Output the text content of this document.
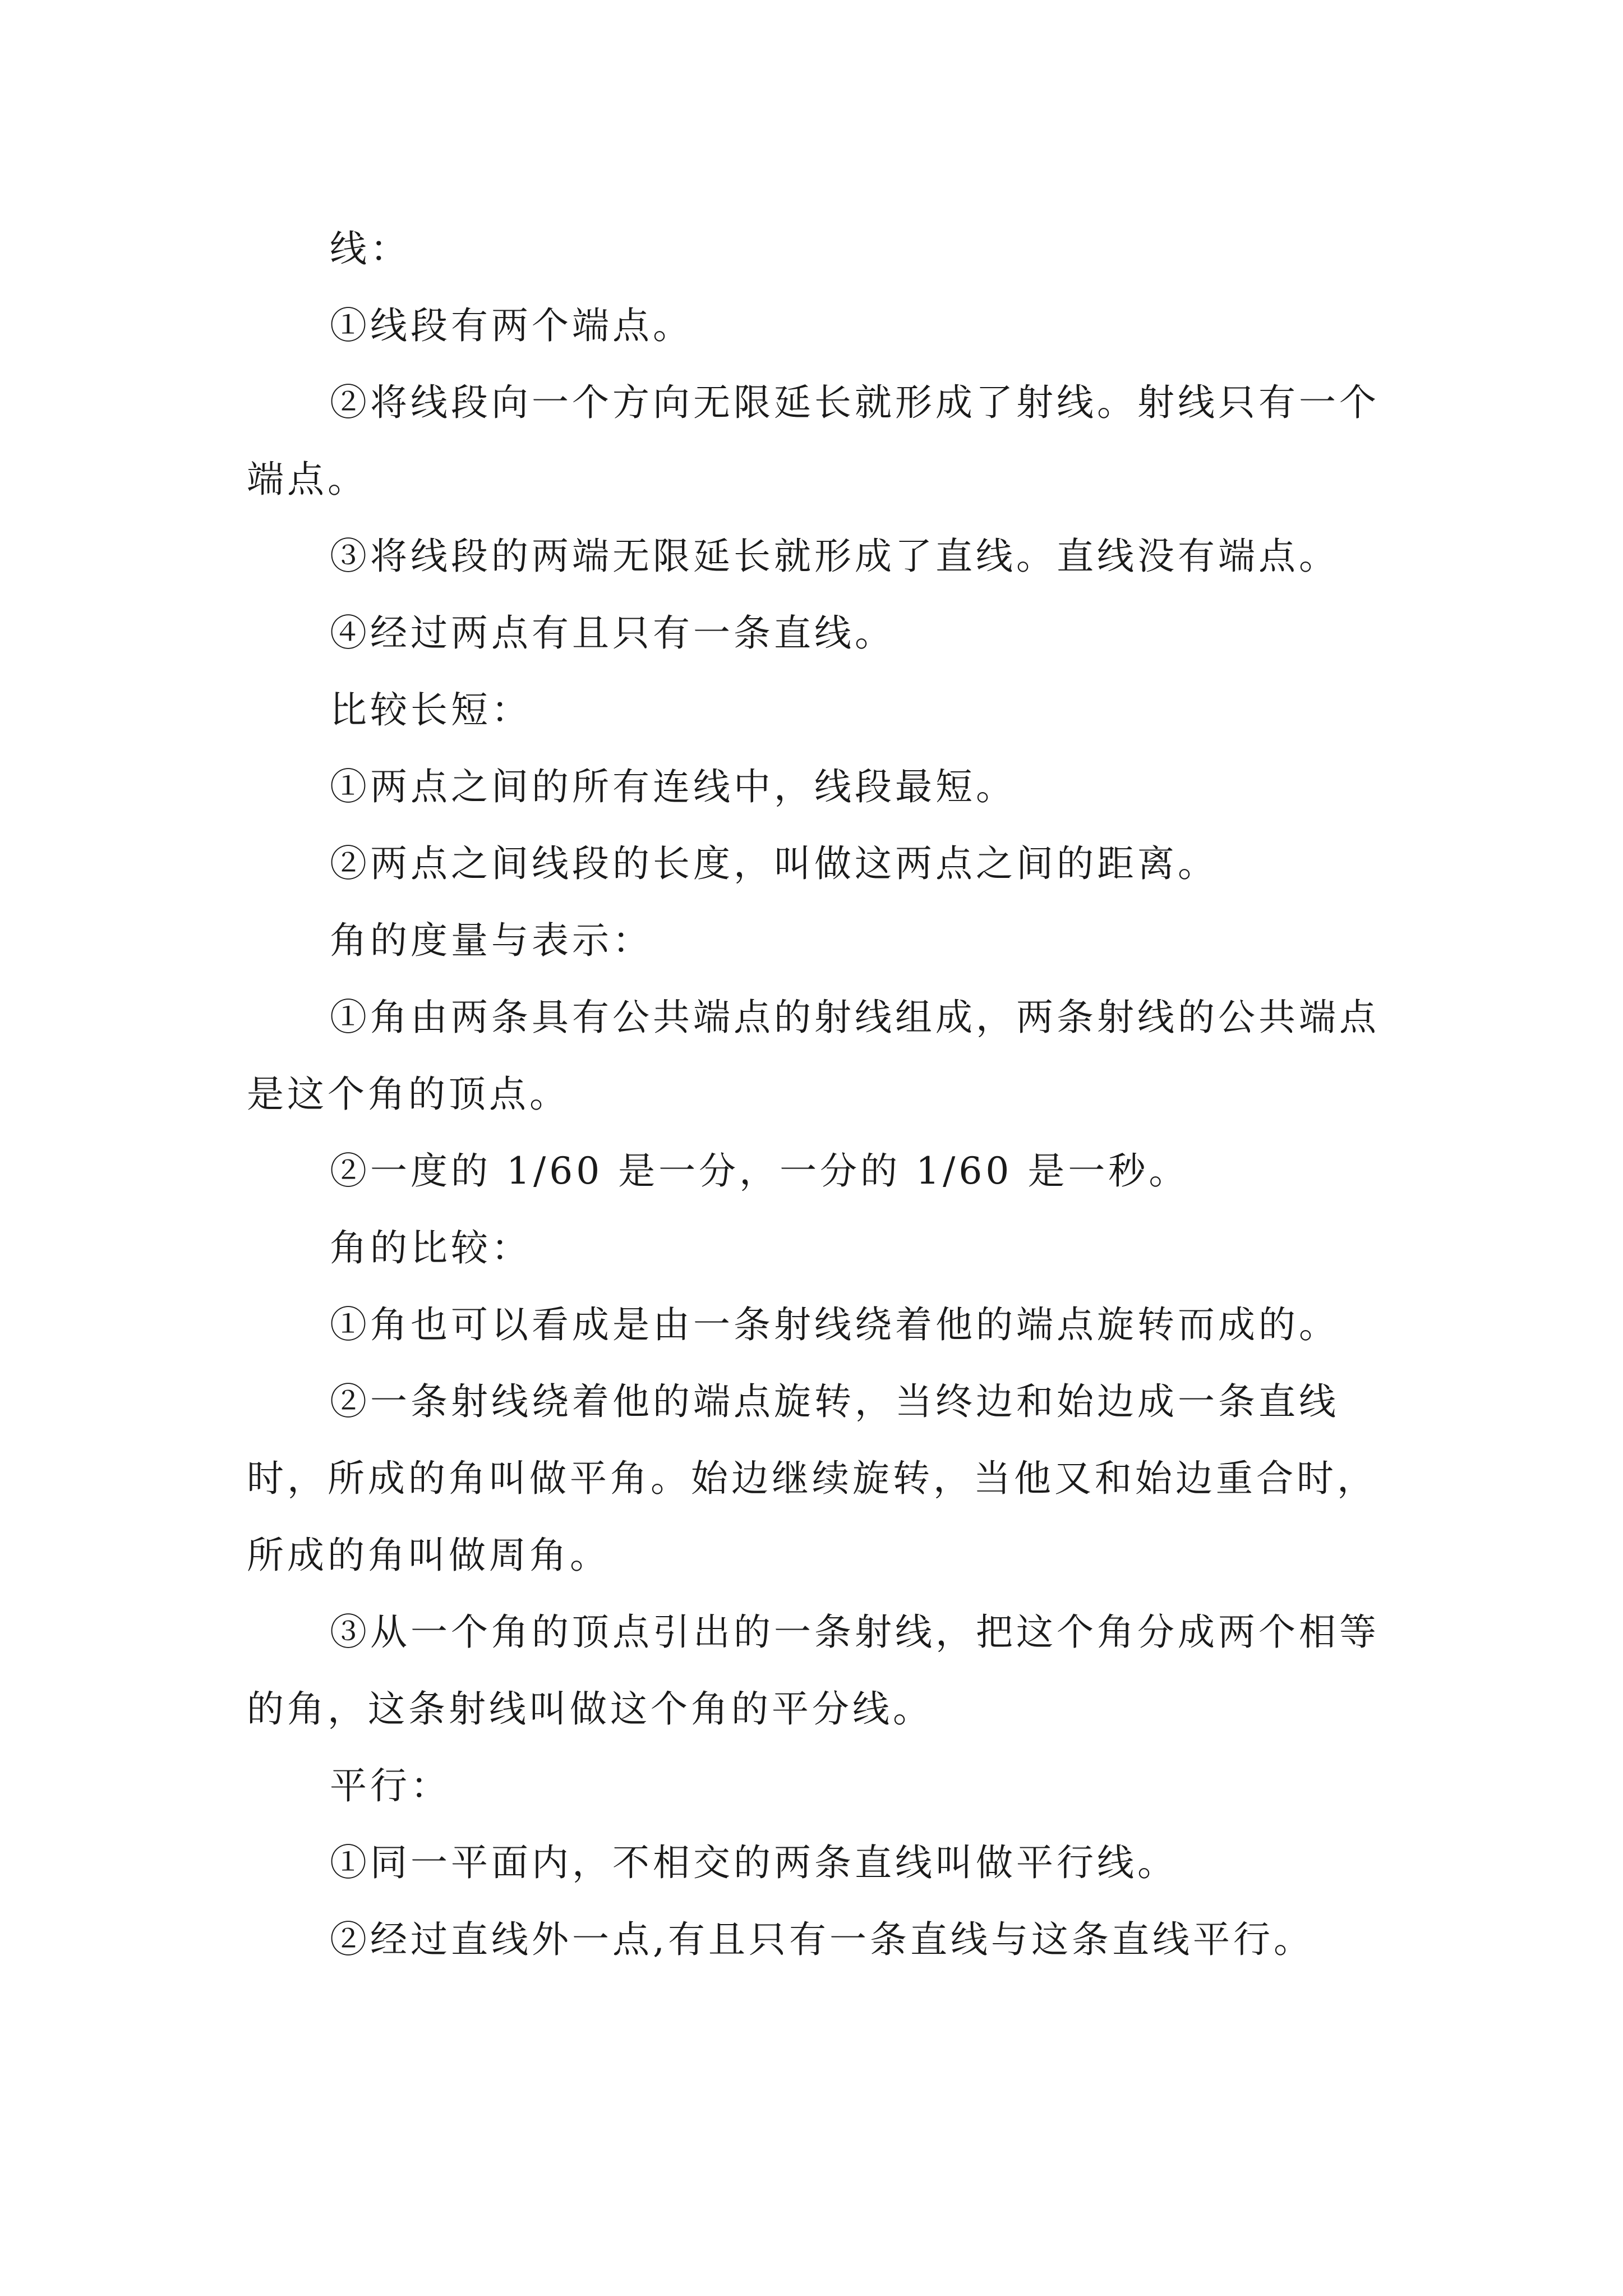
线：

①线段有两个端点。

②将线段向一个方向无限延长就形成了射线。射线只有一个端点。

③将线段的两端无限延长就形成了直线。直线没有端点。

④经过两点有且只有一条直线。

比较长短：

①两点之间的所有连线中，线段最短。

②两点之间线段的长度，叫做这两点之间的距离。

角的度量与表示：

①角由两条具有公共端点的射线组成，两条射线的公共端点是这个角的顶点。

②一度的 1/60 是一分，一分的 1/60 是一秒。

角的比较：

①角也可以看成是由一条射线绕着他的端点旋转而成的。

②一条射线绕着他的端点旋转，当终边和始边成一条直线时，所成的角叫做平角。始边继续旋转，当他又和始边重合时，所成的角叫做周角。

③从一个角的顶点引出的一条射线，把这个角分成两个相等的角，这条射线叫做这个角的平分线。

平行：

①同一平面内，不相交的两条直线叫做平行线。

②经过直线外一点,有且只有一条直线与这条直线平行。
